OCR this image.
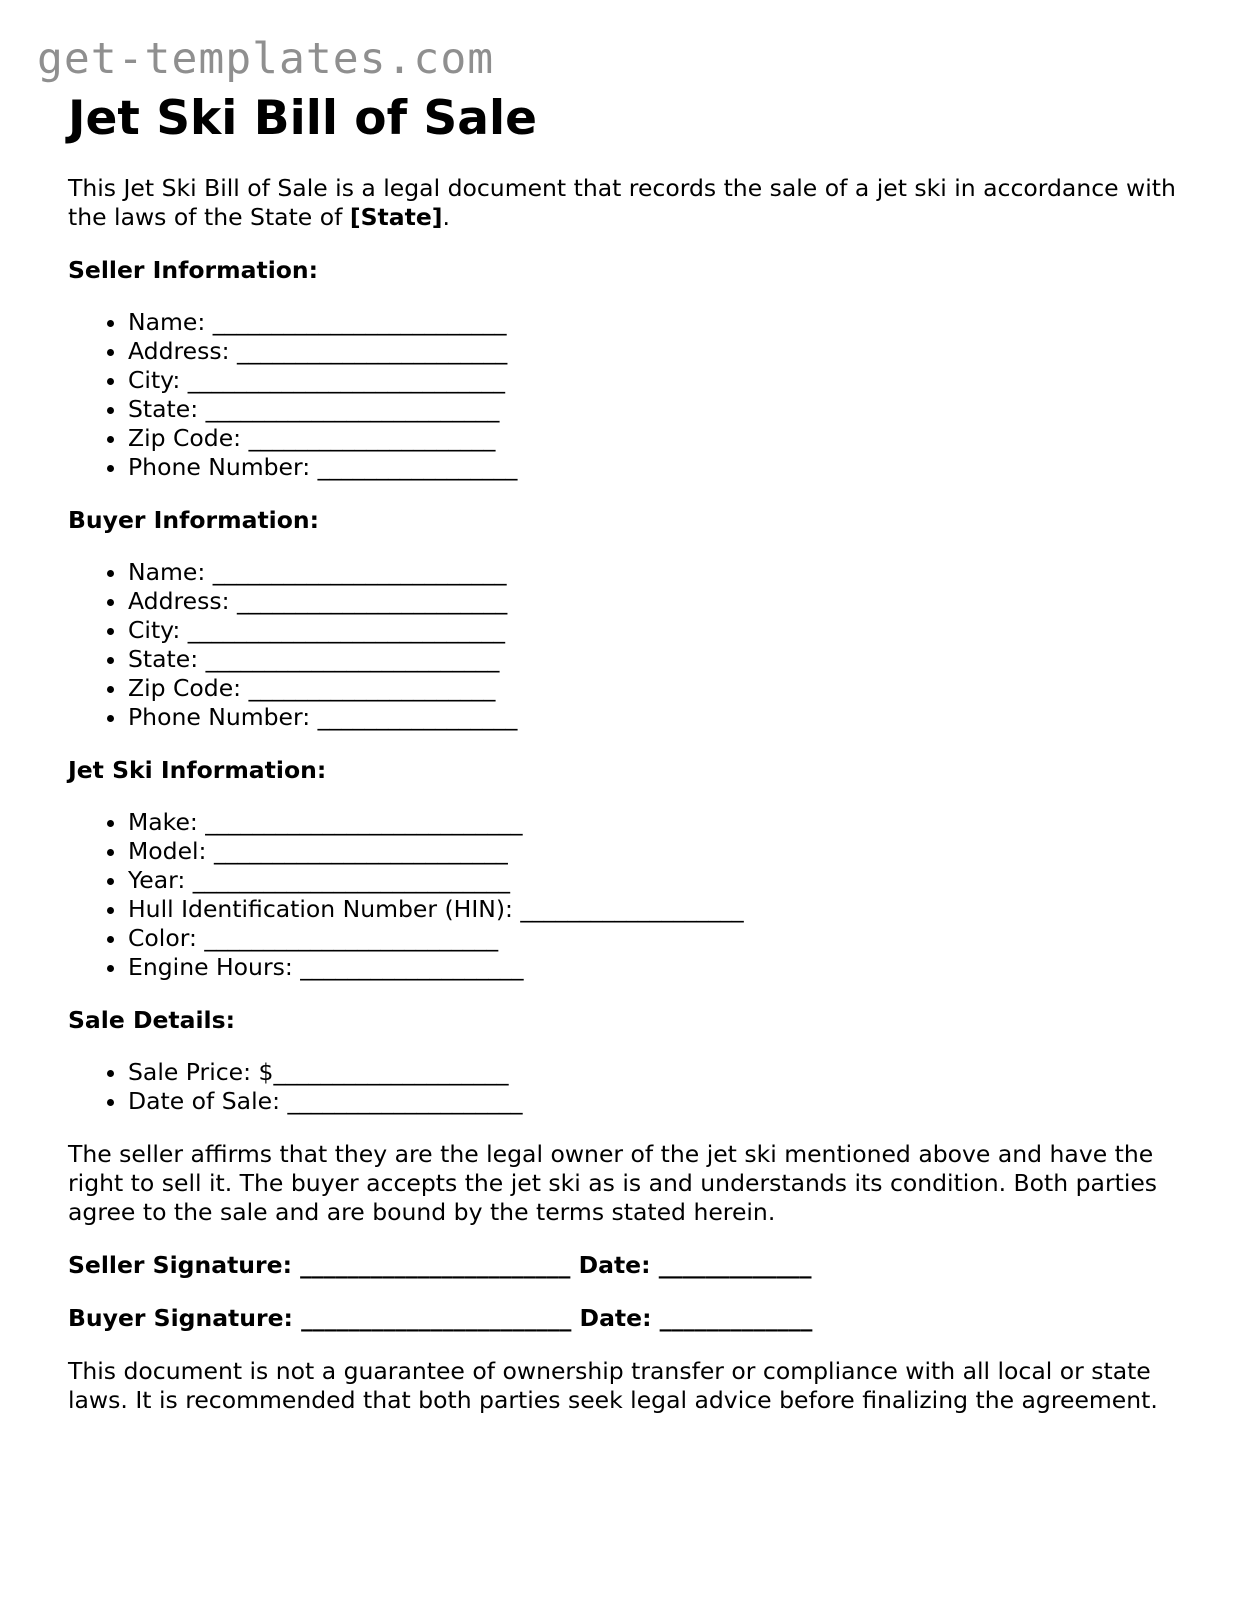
get-templates.com
Jet Ski Bill of Sale

This Jet Ski Bill of Sale is a legal document that records the sale of a jet ski in accordance with the laws of the State of [State].

Seller Information:
• Name: _________________________
• Address: _______________________
• City: ___________________________
• State: _________________________
• Zip Code: _____________________
• Phone Number: _________________
Buyer Information:
• Name: _________________________
• Address: _______________________
• City: ___________________________
• State: _________________________
• Zip Code: _____________________
• Phone Number: _________________
Jet Ski Information:
• Make: ___________________________
• Model: _________________________
• Year: ___________________________
• Hull Identification Number (HIN): ___________________
• Color: _________________________
• Engine Hours: ___________________
Sale Details:
• Sale Price: $____________________
• Date of Sale: ____________________

The seller affirms that they are the legal owner of the jet ski mentioned above and have the right to sell it. The buyer accepts the jet ski as is and understands its condition. Both parties agree to the sale and are bound by the terms stated herein.

Seller Signature: _______________________ Date: _____________

Buyer Signature: _______________________ Date: _____________

This document is not a guarantee of ownership transfer or compliance with all local or state laws. It is recommended that both parties seek legal advice before finalizing the agreement.
